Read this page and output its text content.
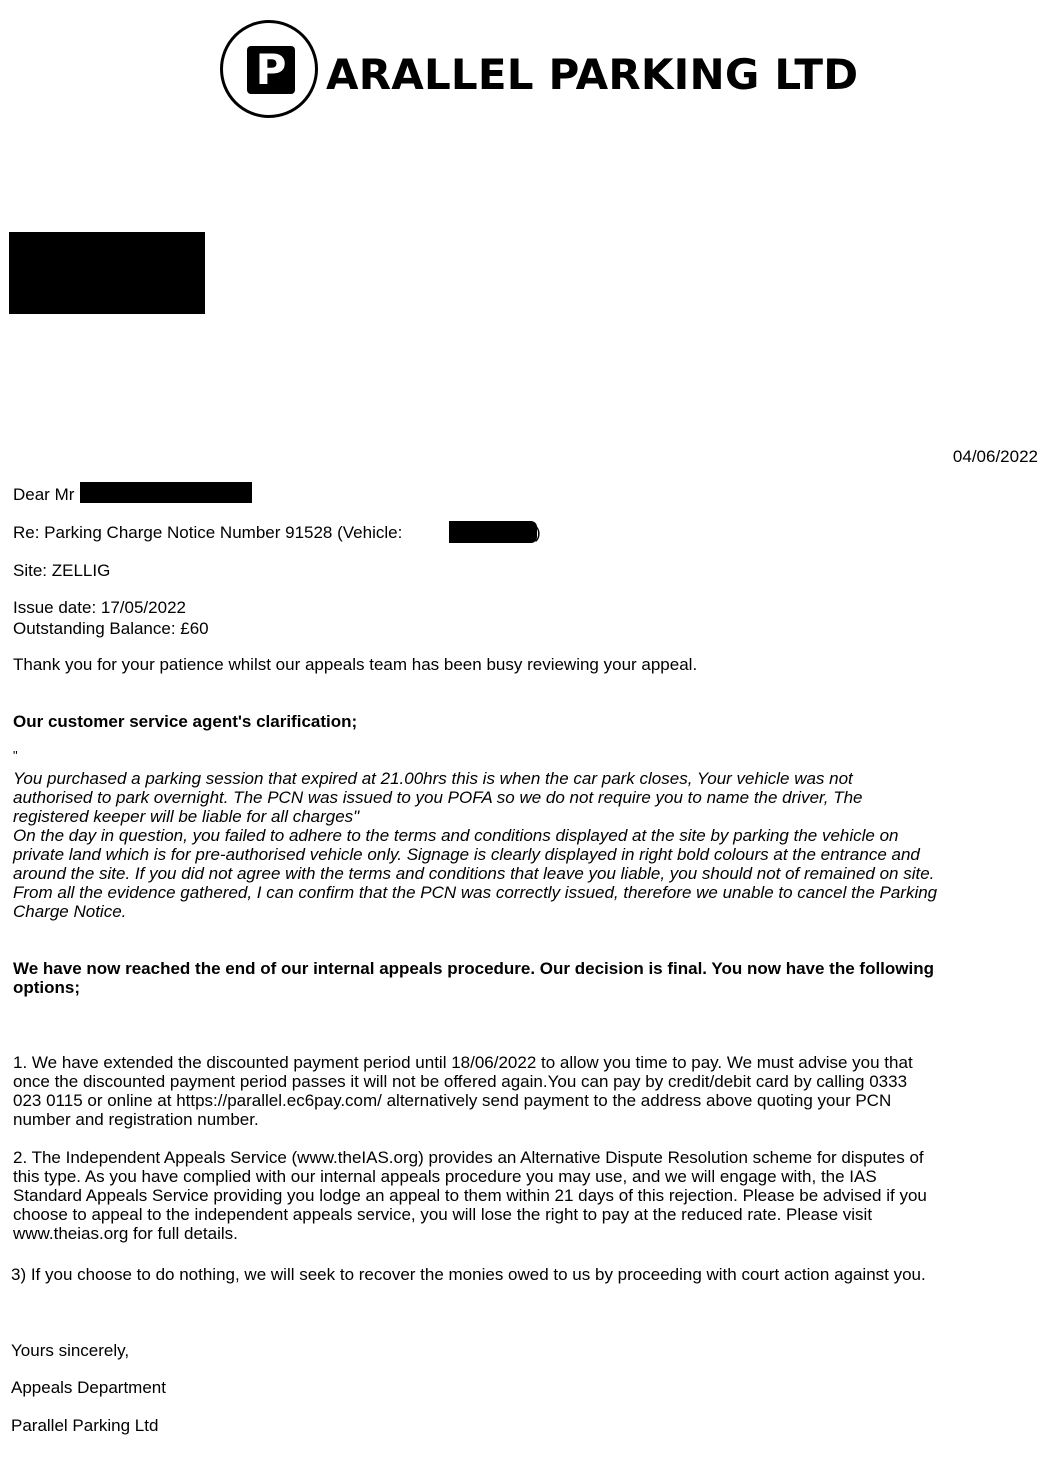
P ARALLEL PARKING LTD
04/06/2022
Dear Mr
Re: Parking Charge Notice Number 91528 (Vehicle:	)
Site: ZELLIG
Issue date: 17/05/2022
Outstanding Balance: £60
Thank you for your patience whilst our appeals team has been busy reviewing your appeal.
Our customer service agent's clarification;
"
You purchased a parking session that expired at 21.00hrs this is when the car park closes, Your vehicle was not
authorised to park overnight. The PCN was issued to you POFA so we do not require you to name the driver, The
registered keeper will be liable for all charges"
On the day in question, you failed to adhere to the terms and conditions displayed at the site by parking the vehicle on
private land which is for pre-authorised vehicle only. Signage is clearly displayed in right bold colours at the entrance and
around the site. If you did not agree with the terms and conditions that leave you liable, you should not of remained on site.
From all the evidence gathered, I can confirm that the PCN was correctly issued, therefore we unable to cancel the Parking
Charge Notice.
We have now reached the end of our internal appeals procedure. Our decision is final. You now have the following
options;
1. We have extended the discounted payment period until 18/06/2022 to allow you time to pay. We must advise you that
once the discounted payment period passes it will not be offered again.You can pay by credit/debit card by calling 0333
023 0115 or online at https://parallel.ec6pay.com/ alternatively send payment to the address above quoting your PCN
number and registration number.
2. The Independent Appeals Service (www.theIAS.org) provides an Alternative Dispute Resolution scheme for disputes of
this type. As you have complied with our internal appeals procedure you may use, and we will engage with, the IAS
Standard Appeals Service providing you lodge an appeal to them within 21 days of this rejection. Please be advised if you
choose to appeal to the independent appeals service, you will lose the right to pay at the reduced rate. Please visit
www.theias.org for full details.
3) If you choose to do nothing, we will seek to recover the monies owed to us by proceeding with court action against you.
Yours sincerely,
Appeals Department
Parallel Parking Ltd
